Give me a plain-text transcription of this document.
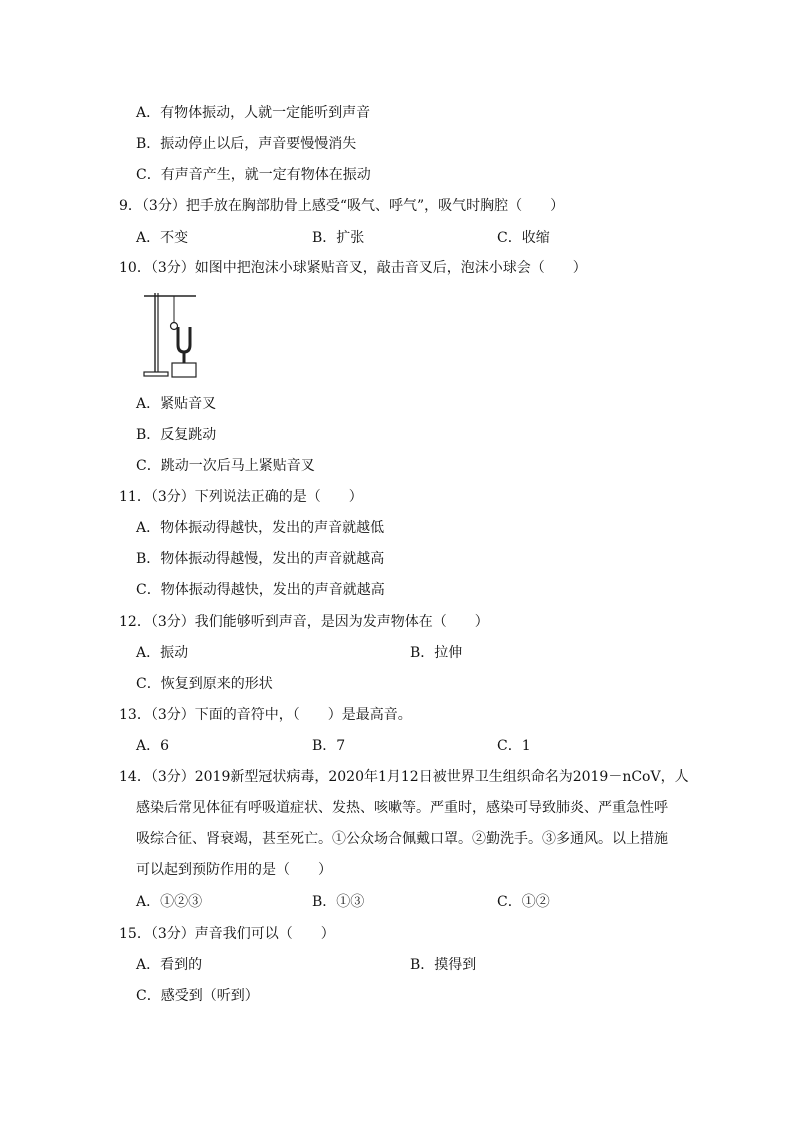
A．有物体振动，人就一定能听到声音
B．振动停止以后，声音要慢慢消失
C．有声音产生，就一定有物体在振动
9．（3分）把手放在胸部肋骨上感受“吸气、呼气”，吸气时胸腔（　　）
A．不变	B．扩张	C．收缩
10．（3分）如图中把泡沫小球紧贴音叉，敲击音叉后，泡沫小球会（　　）
A．紧贴音叉
B．反复跳动
C．跳动一次后马上紧贴音叉
11．（3分）下列说法正确的是（　　）
A．物体振动得越快，发出的声音就越低
B．物体振动得越慢，发出的声音就越高
C．物体振动得越快，发出的声音就越高
12．（3分）我们能够听到声音，是因为发声物体在（　　）
A．振动	B．拉伸
C．恢复到原来的形状
13．（3分）下面的音符中，（　　）是最高音。
A．6	B．7	C．1
14．（3分）2019新型冠状病毒，2020年1月12日被世界卫生组织命名为2019－nCoV，人
感染后常见体征有呼吸道症状、发热、咳嗽等。严重时，感染可导致肺炎、严重急性呼
吸综合征、肾衰竭，甚至死亡。①公众场合佩戴口罩。②勤洗手。③多通风。以上措施
可以起到预防作用的是（　　）
A．①②③	B．①③	C．①②
15．（3分）声音我们可以（　　）
A．看到的	B．摸得到
C．感受到（听到）
